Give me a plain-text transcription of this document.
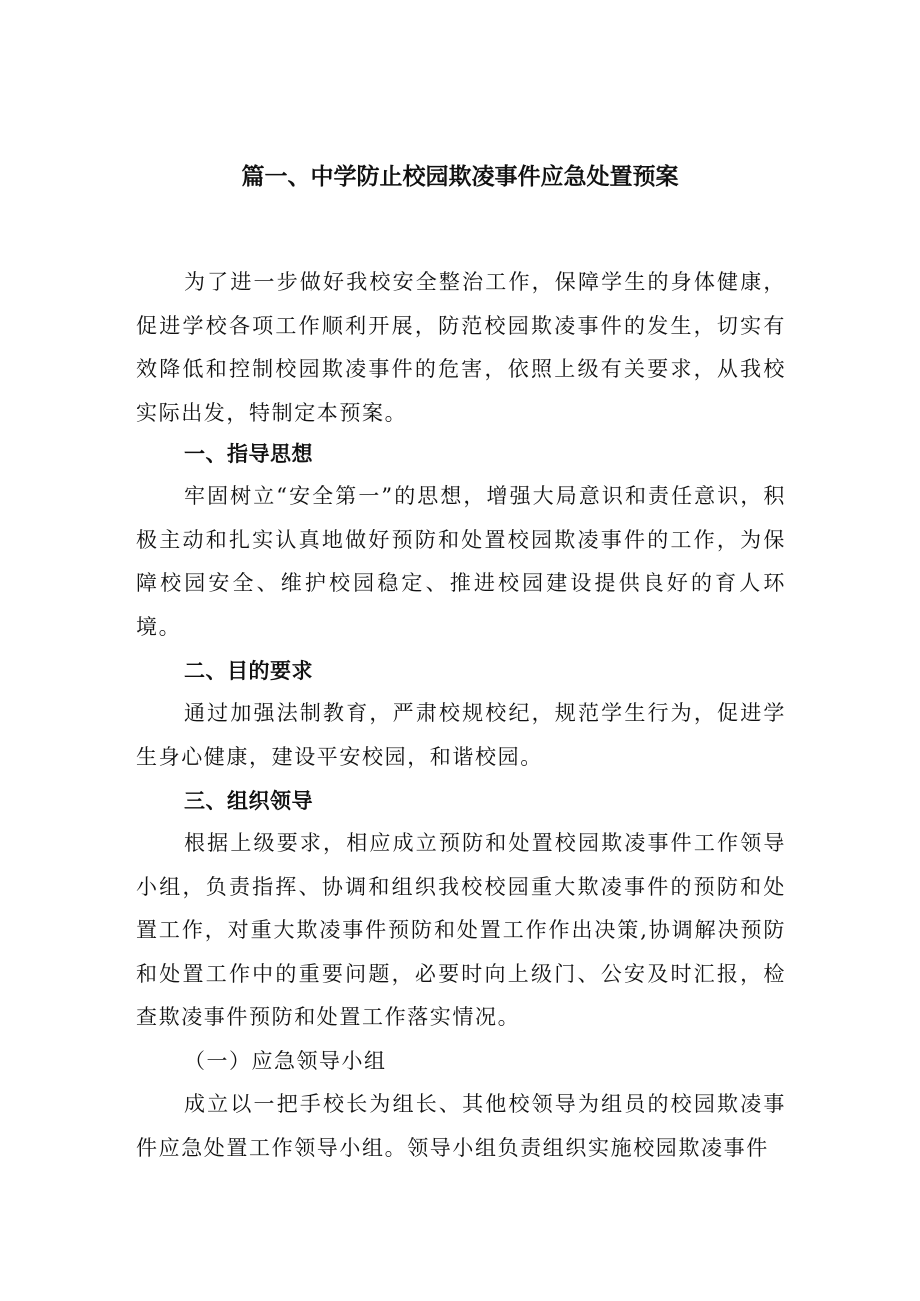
篇一、中学防止校园欺凌事件应急处置预案
为了进一步做好我校安全整治工作，保障学生的身体健康，促进学校各项工作顺利开展，防范校园欺凌事件的发生，切实有效降低和控制校园欺凌事件的危害，依照上级有关要求，从我校实际出发，特制定本预案。
一、指导思想
牢固树立“安全第一”的思想，增强大局意识和责任意识，积极主动和扎实认真地做好预防和处置校园欺凌事件的工作，为保障校园安全、维护校园稳定、推进校园建设提供良好的育人环境。
二、目的要求
通过加强法制教育，严肃校规校纪，规范学生行为，促进学生身心健康，建设平安校园，和谐校园。
三、组织领导
根据上级要求，相应成立预防和处置校园欺凌事件工作领导小组，负责指挥、协调和组织我校校园重大欺凌事件的预防和处置工作，对重大欺凌事件预防和处置工作作出决策,协调解决预防和处置工作中的重要问题，必要时向上级门、公安及时汇报，检查欺凌事件预防和处置工作落实情况。
（一）应急领导小组
成立以一把手校长为组长、其他校领导为组员的校园欺凌事件应急处置工作领导小组。领导小组负责组织实施校园欺凌事件
